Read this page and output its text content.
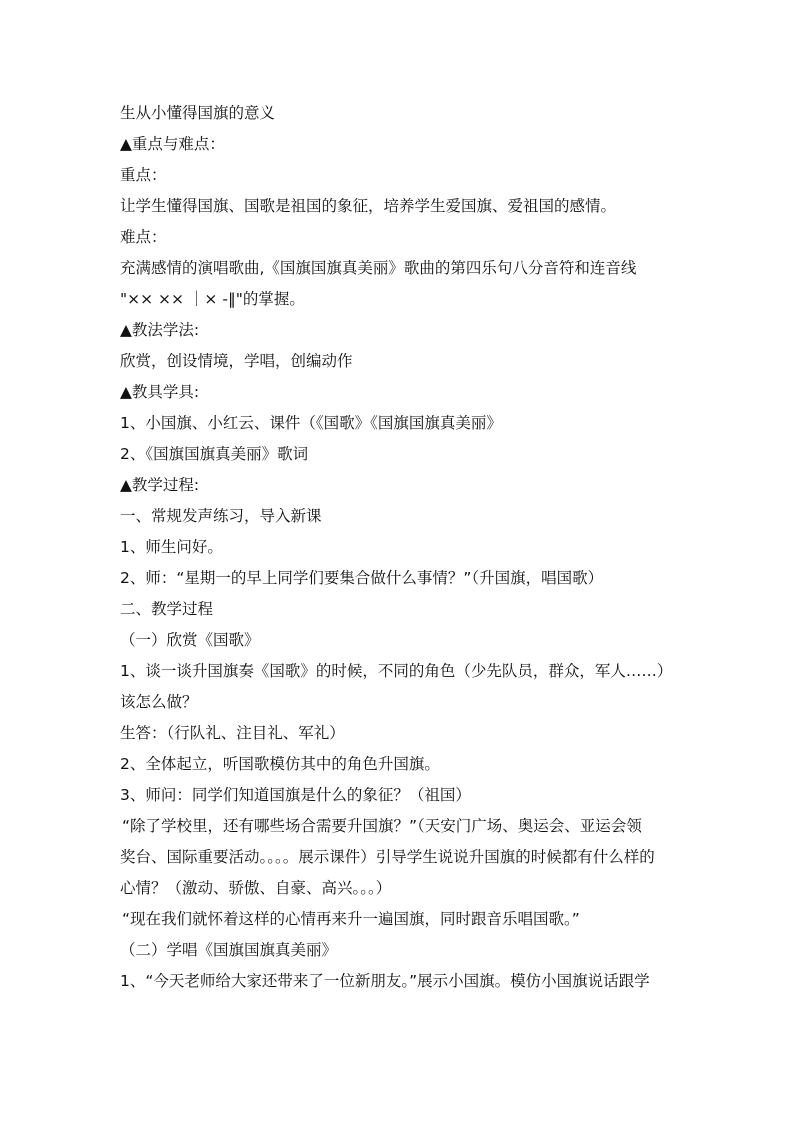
生从小懂得国旗的意义
▲重点与难点：
重点：
让学生懂得国旗、国歌是祖国的象征，培养学生爱国旗、爱祖国的感情。
难点：
充满感情的演唱歌曲,《国旗国旗真美丽》歌曲的第四乐句八分音符和连音线
"×× ×× ｜× -‖"的掌握。
▲教法学法:
欣赏，创设情境，学唱，创编动作
▲教具学具:
1、小国旗、小红云、课件（《国歌》《国旗国旗真美丽》
2、《国旗国旗真美丽》歌词
▲教学过程:
一、常规发声练习，导入新课
1、师生问好。
2、师：“星期一的早上同学们要集合做什么事情？”（升国旗，唱国歌）
二、教学过程
（一）欣赏《国歌》
1、谈一谈升国旗奏《国歌》的时候，不同的角色（少先队员，群众，军人……）
该怎么做？
生答：（行队礼、注目礼、军礼）
2、全体起立，听国歌模仿其中的角色升国旗。
3、师问：同学们知道国旗是什么的象征？（祖国）
“除了学校里，还有哪些场合需要升国旗？”（天安门广场、奥运会、亚运会领
奖台、国际重要活动。。。。展示课件）引导学生说说升国旗的时候都有什么样的
心情？（激动、骄傲、自豪、高兴。。。）
“现在我们就怀着这样的心情再来升一遍国旗，同时跟音乐唱国歌。”
（二）学唱《国旗国旗真美丽》
1、“今天老师给大家还带来了一位新朋友。”展示小国旗。模仿小国旗说话跟学
